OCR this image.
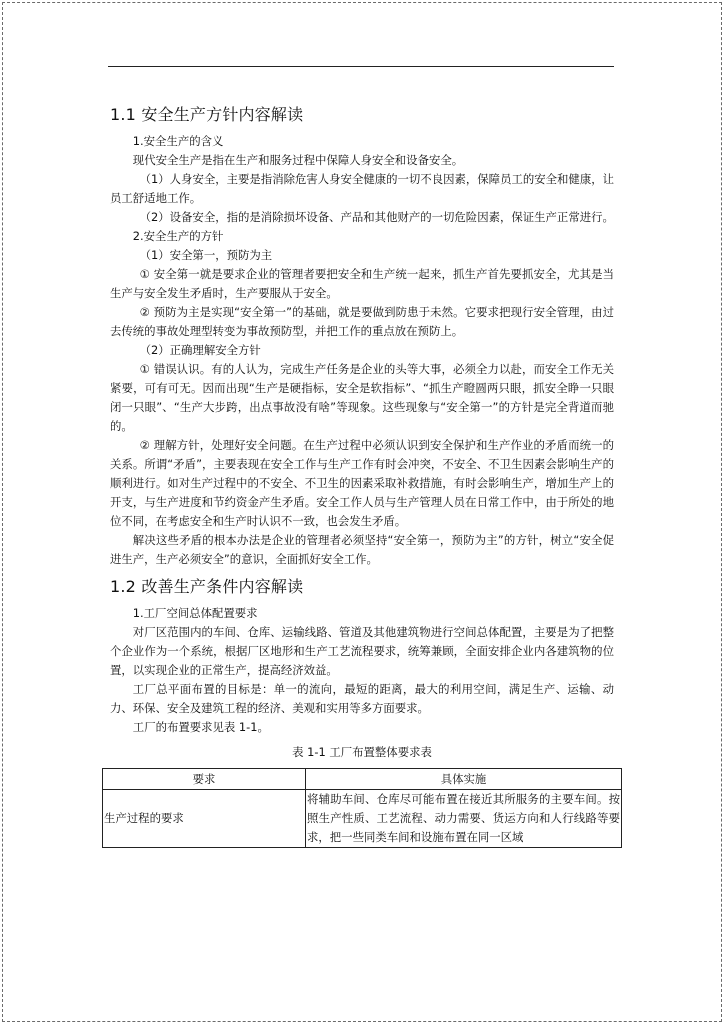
1.1 安全生产方针内容解读

1.安全生产的含义

现代安全生产是指在生产和服务过程中保障人身安全和设备安全。

（1）人身安全，主要是指消除危害人身安全健康的一切不良因素，保障员工的安全和健康，让员工舒适地工作。

（2）设备安全，指的是消除损坏设备、产品和其他财产的一切危险因素，保证生产正常进行。

2.安全生产的方针

（1）安全第一，预防为主

① 安全第一就是要求企业的管理者要把安全和生产统一起来，抓生产首先要抓安全，尤其是当生产与安全发生矛盾时，生产要服从于安全。

② 预防为主是实现“安全第一”的基础，就是要做到防患于未然。它要求把现行安全管理，由过去传统的事故处理型转变为事故预防型，并把工作的重点放在预防上。

（2）正确理解安全方针

① 错误认识。有的人认为，完成生产任务是企业的头等大事，必须全力以赴，而安全工作无关紧要，可有可无。因而出现“生产是硬指标，安全是软指标”、“抓生产瞪圆两只眼，抓安全睁一只眼闭一只眼”、“生产大步跨，出点事故没有啥”等现象。这些现象与“安全第一”的方针是完全背道而驰的。

② 理解方针，处理好安全问题。在生产过程中必须认识到安全保护和生产作业的矛盾而统一的关系。所谓“矛盾”，主要表现在安全工作与生产工作有时会冲突，不安全、不卫生因素会影响生产的顺利进行。如对生产过程中的不安全、不卫生的因素采取补救措施，有时会影响生产，增加生产上的开支，与生产进度和节约资金产生矛盾。安全工作人员与生产管理人员在日常工作中，由于所处的地位不同，在考虑安全和生产时认识不一致，也会发生矛盾。

解决这些矛盾的根本办法是企业的管理者必须坚持“安全第一，预防为主”的方针，树立“安全促进生产，生产必须安全”的意识，全面抓好安全工作。

1.2 改善生产条件内容解读

1.工厂空间总体配置要求

对厂区范围内的车间、仓库、运输线路、管道及其他建筑物进行空间总体配置，主要是为了把整个企业作为一个系统，根据厂区地形和生产工艺流程要求，统筹兼顾，全面安排企业内各建筑物的位置，以实现企业的正常生产，提高经济效益。

工厂总平面布置的目标是：单一的流向，最短的距离，最大的利用空间，满足生产、运输、动力、环保、安全及建筑工程的经济、美观和实用等多方面要求。

工厂的布置要求见表 1-1。

表 1-1 工厂布置整体要求表
要求	具体实施
生产过程的要求	将辅助车间、仓库尽可能布置在接近其所服务的主要车间。按照生产性质、工艺流程、动力需要、货运方向和人行线路等要求，把一些同类车间和设施布置在同一区域
